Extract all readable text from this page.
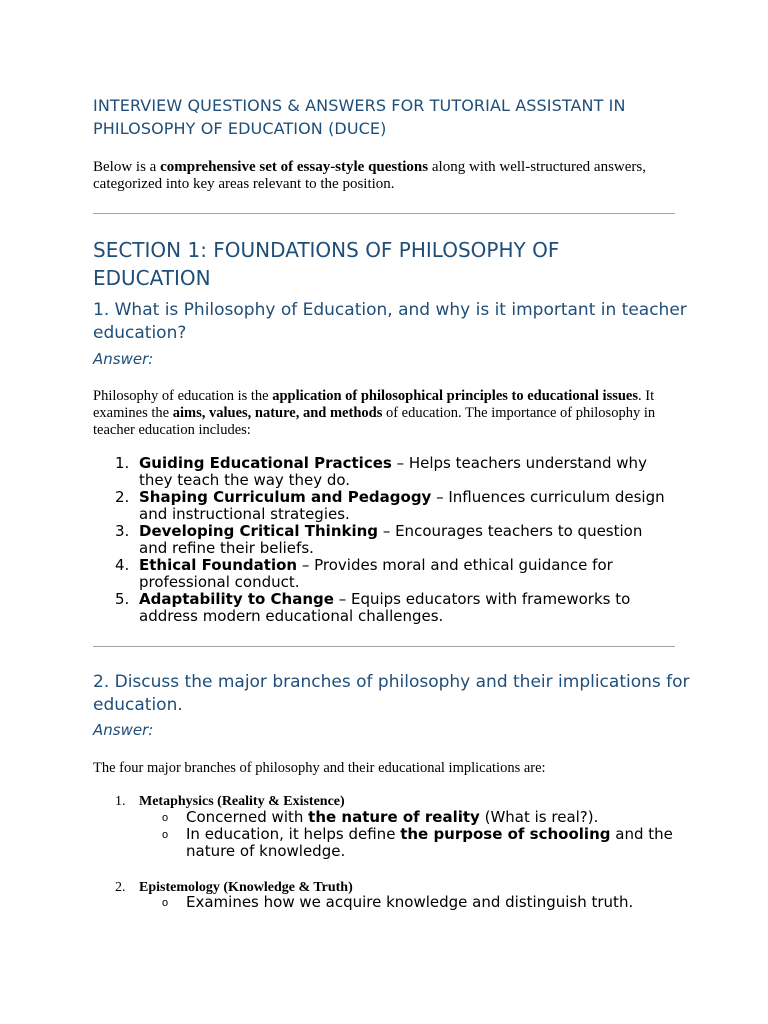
INTERVIEW QUESTIONS & ANSWERS FOR TUTORIAL ASSISTANT IN PHILOSOPHY OF EDUCATION (DUCE)
Below is a comprehensive set of essay-style questions along with well-structured answers, categorized into key areas relevant to the position.
SECTION 1: FOUNDATIONS OF PHILOSOPHY OF EDUCATION
1. What is Philosophy of Education, and why is it important in teacher education?
Answer:
Philosophy of education is the application of philosophical principles to educational issues. It examines the aims, values, nature, and methods of education. The importance of philosophy in teacher education includes:
1. Guiding Educational Practices – Helps teachers understand why they teach the way they do.
2. Shaping Curriculum and Pedagogy – Influences curriculum design and instructional strategies.
3. Developing Critical Thinking – Encourages teachers to question and refine their beliefs.
4. Ethical Foundation – Provides moral and ethical guidance for professional conduct.
5. Adaptability to Change – Equips educators with frameworks to address modern educational challenges.
2. Discuss the major branches of philosophy and their implications for education.
Answer:
The four major branches of philosophy and their educational implications are:
1. Metaphysics (Reality & Existence)
o Concerned with the nature of reality (What is real?).
o In education, it helps define the purpose of schooling and the nature of knowledge.
2. Epistemology (Knowledge & Truth)
o Examines how we acquire knowledge and distinguish truth.
